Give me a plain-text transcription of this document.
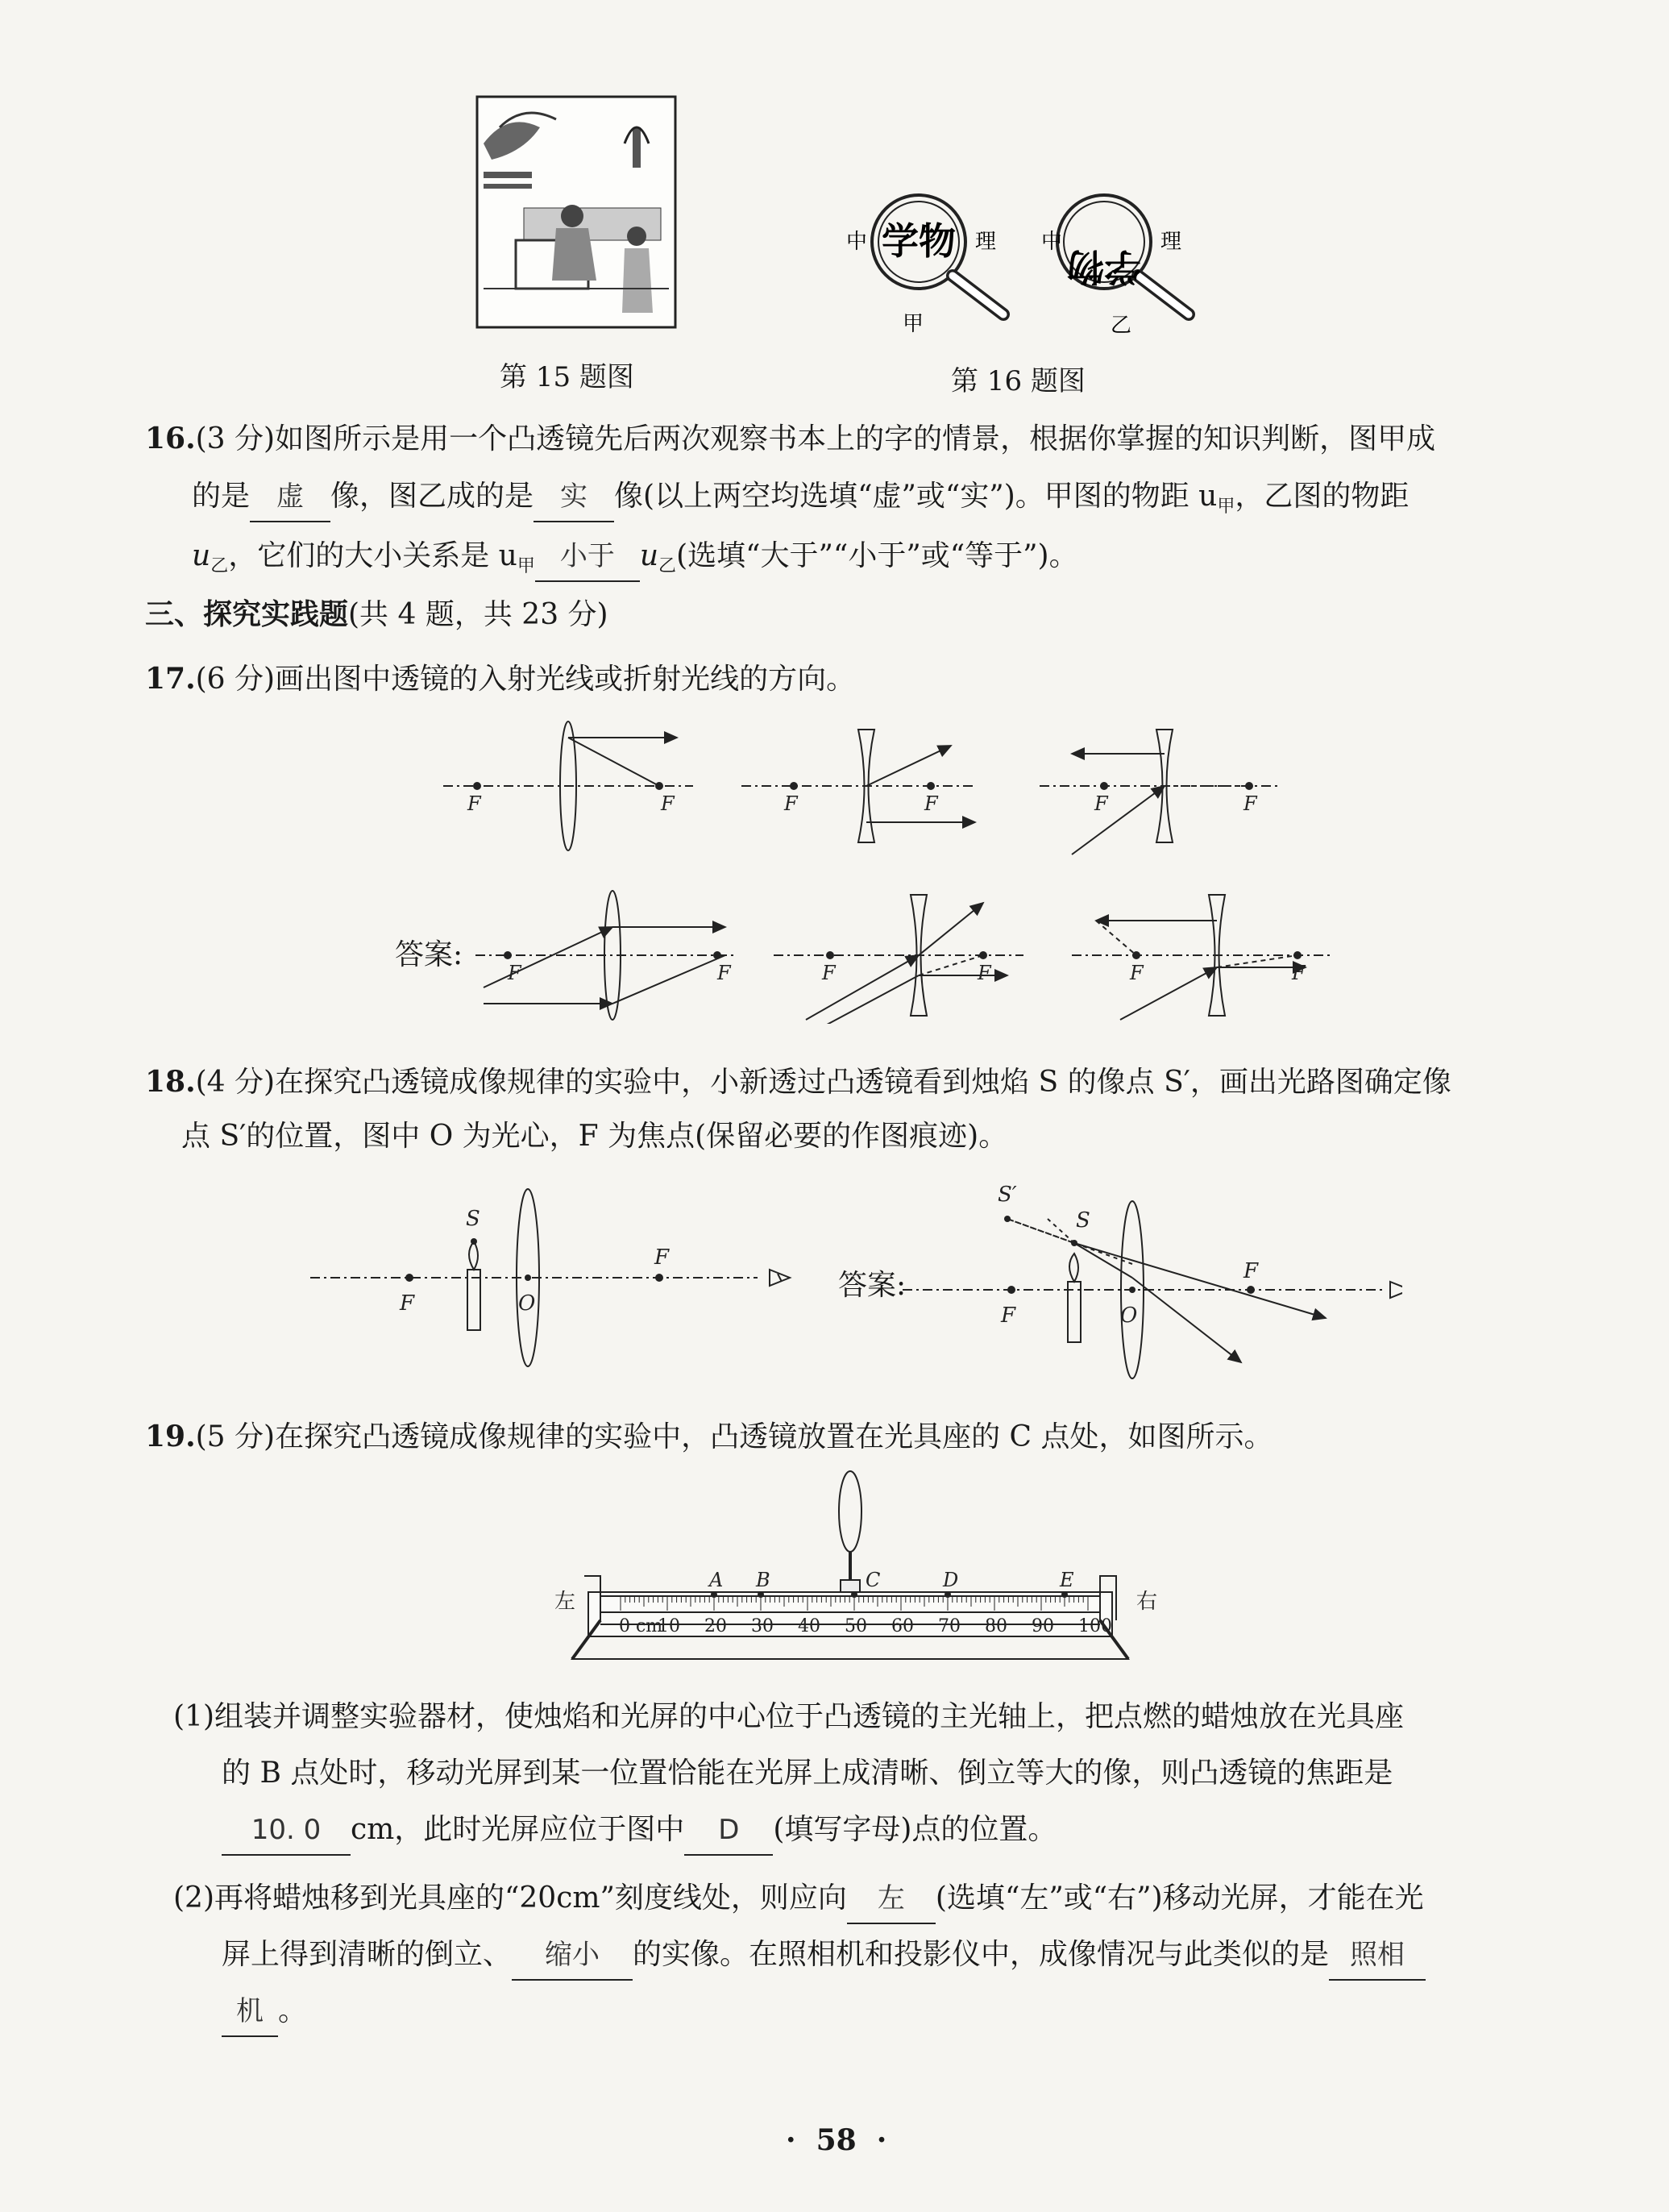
第 15 题图
学物
中	理
甲
学物
中	理
乙
第 16 题图
16.(3 分)如图所示是用一个凸透镜先后两次观察书本上的字的情景，根据你掌握的知识判断，图甲成
的是 虚 像，图乙成的是 实 像(以上两空均选填“虚”或“实”)。甲图的物距 $u_甲$，乙图的物距
$u_乙$，它们的大小关系是 $u_甲$ 小于 $u_乙$(选填“大于”“小于”或“等于”)。
三、探究实践题(共 4 题，共 23 分)
17.(6 分)画出图中透镜的入射光线或折射光线的方向。
F	F	F	F	F	F
F	F	F	F	F	F
答案:
18.(4 分)在探究凸透镜成像规律的实验中，小新透过凸透镜看到烛焰 S 的像点 S′，画出光路图确定像
点 S′的位置，图中 O 为光心，F 为焦点(保留必要的作图痕迹)。
S
O
F
F
S
S′
O
F
F
答案:
19.(5 分)在探究凸透镜成像规律的实验中，凸透镜放置在光具座的 C 点处，如图所示。
左	右
A B	C	D	E
0 cm
10 20 30 40 50 60 70 80 90 100
(1)组装并调整实验器材，使烛焰和光屏的中心位于凸透镜的主光轴上，把点燃的蜡烛放在光具座
的 B 点处时，移动光屏到某一位置恰能在光屏上成清晰、倒立等大的像，则凸透镜的焦距是
10. 0 cm，此时光屏应位于图中 D (填写字母)点的位置。
(2)再将蜡烛移到光具座的“20cm”刻度线处，则应向 左 (选填“左”或“右”)移动光屏，才能在光
屏上得到清晰的倒立、 缩小 的实像。在照相机和投影仪中，成像情况与此类似的是 照相
机 。
·  58  ·
